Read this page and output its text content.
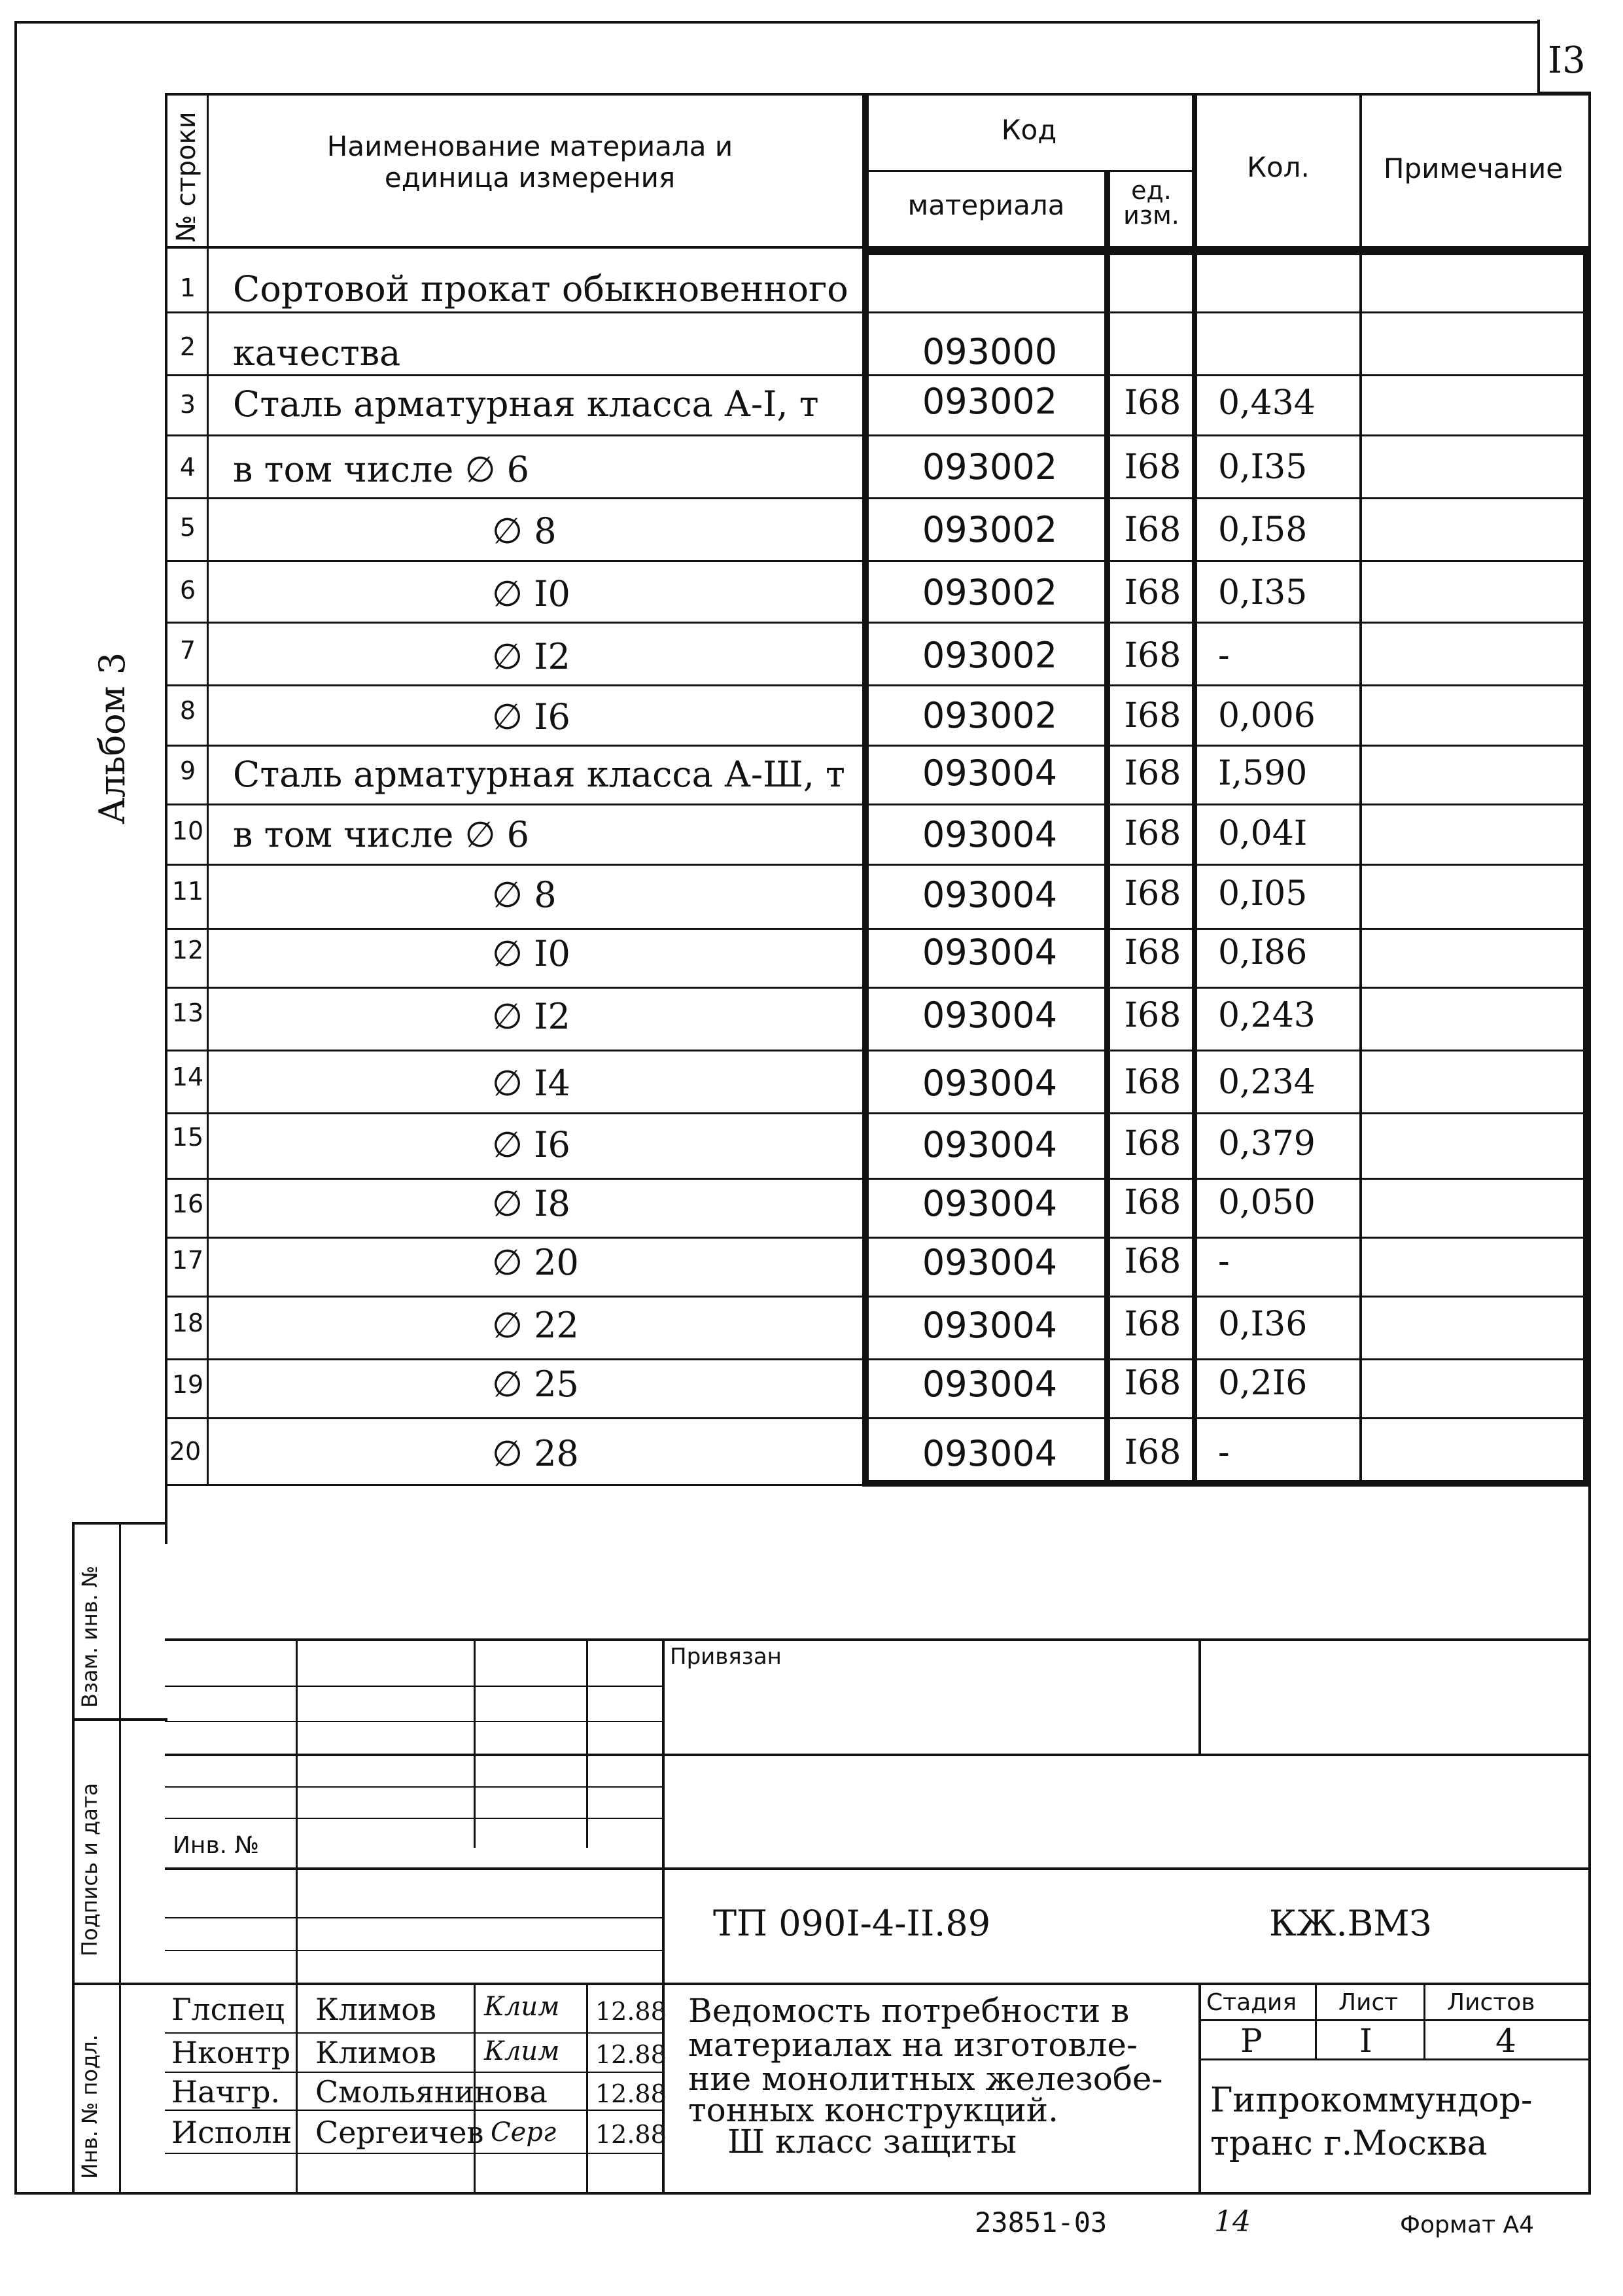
I3
Альбом 3
№ строки	Наименование материала и единица измерения
Код
материала	ед. изм.
Кол.	Примечание
1	Сортовой прокат обыкновенного
2	качества	093000
3	Сталь арматурная класса А-I, т	093002	I68	0,434
4	в том числе ∅ 6	093002	I68	0,I35
5	∅ 8	093002	I68	0,I58
6	∅ I0	093002	I68	0,I35
7	∅ I2	093002	I68	-
8	∅ I6	093002	I68	0,006
9	Сталь арматурная класса А-Ш, т	093004	I68	I,590
10 в том числе ∅ 6	093004	I68	0,04I
11	∅ 8	093004	I68	0,I05
12	∅ I0	093004	I68	0,I86
13	∅ I2	093004	I68	0,243
14	∅ I4	093004	I68	0,234
15	∅ I6	093004	I68	0,379
16	∅ I8	093004	I68	0,050
17	∅ 20	093004	I68	-
18	∅ 22	093004	I68	0,I36
19	∅ 25	093004	I68	0,2I6
20	∅ 28	093004	I68	-
Взам. инв. №
Подпись и дата
Инв. № подл.
Привязан
Инв. №
ТП 090I-4-II.89	КЖ.ВМЗ
Глспец Климов Клим 12.88
Нконтр Климов Клим 12.88
Начгр. Смольянинова 12.88
Исполн Сергеичев Серг 12.88
Ведомость потребности в
материалах на изготовле-
ние монолитных железобе-
тонных конструкций.
Ш класс защиты
Стадия Лист Листов
Р	I	4
Гипрокоммундор-
транс г.Москва
23851-03	14	Формат А4
